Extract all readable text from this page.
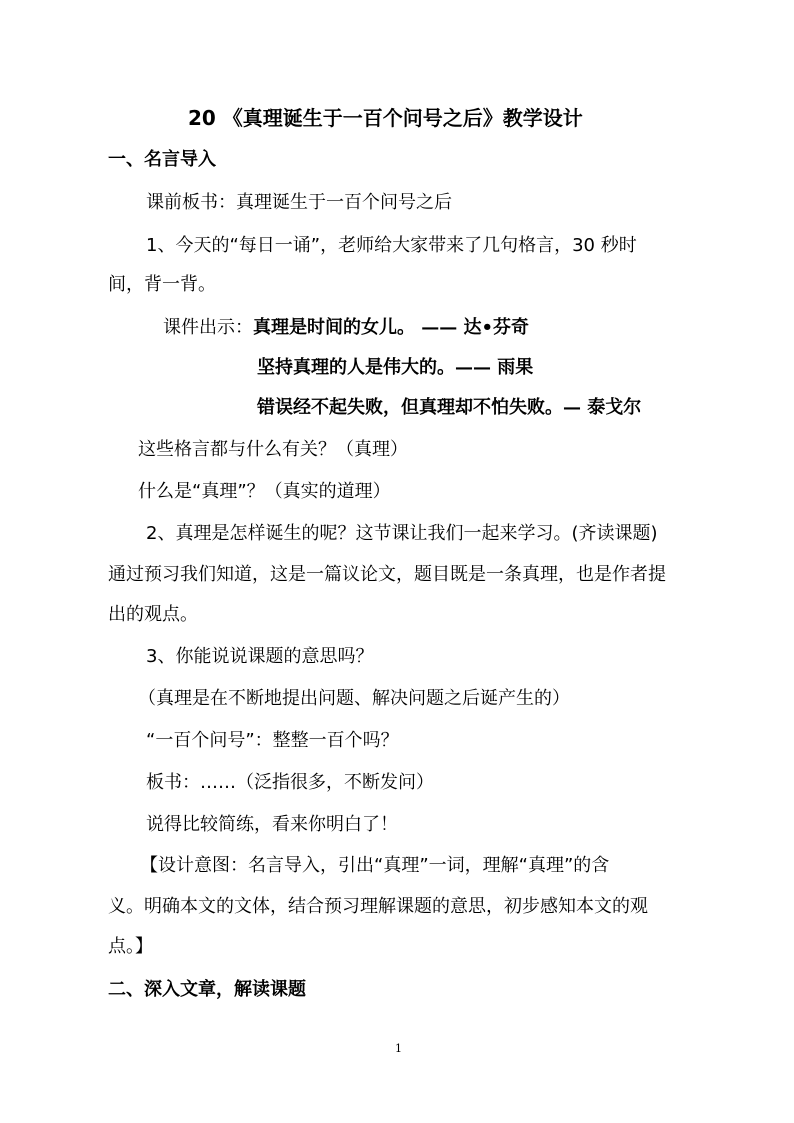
20 《真理诞生于一百个问号之后》教学设计
一、名言导入
课前板书：真理诞生于一百个问号之后
1、今天的“每日一诵”，老师给大家带来了几句格言，30 秒时
间，背一背。
课件出示：真理是时间的女儿。 —— 达•芬奇
坚持真理的人是伟大的。—— 雨果
错误经不起失败，但真理却不怕失败。— 泰戈尔
这些格言都与什么有关？（真理）
什么是“真理”？（真实的道理）
2、真理是怎样诞生的呢？这节课让我们一起来学习。(齐读课题)
通过预习我们知道，这是一篇议论文，题目既是一条真理，也是作者提
出的观点。
3、你能说说课题的意思吗？
（真理是在不断地提出问题、解决问题之后诞产生的）
“一百个问号”：整整一百个吗？
板书：……（泛指很多，不断发问）
说得比较简练，看来你明白了！
【设计意图：名言导入，引出“真理”一词，理解“真理”的含
义。明确本文的文体，结合预习理解课题的意思，初步感知本文的观
点。】
二、深入文章，解读课题
1
